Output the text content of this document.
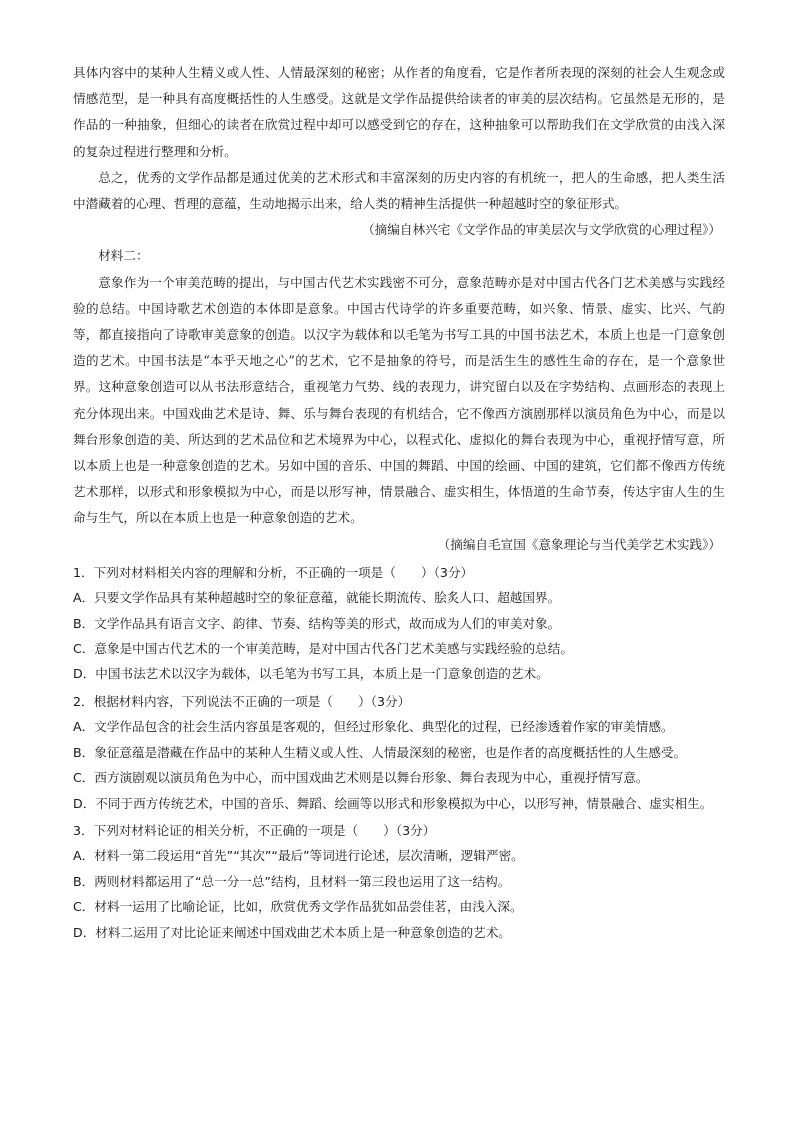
具体内容中的某种人生精义或人性、人情最深刻的秘密；从作者的角度看，它是作者所表现的深刻的社会人生观念或情感范型，是一种具有高度概括性的人生感受。这就是文学作品提供给读者的审美的层次结构。它虽然是无形的，是作品的一种抽象，但细心的读者在欣赏过程中却可以感受到它的存在，这种抽象可以帮助我们在文学欣赏的由浅入深的复杂过程进行整理和分析。

总之，优秀的文学作品都是通过优美的艺术形式和丰富深刻的历史内容的有机统一，把人的生命感，把人类生活中潜藏着的心理、哲理的意蕴，生动地揭示出来，给人类的精神生活提供一种超越时空的象征形式。

（摘编自林兴宅《文学作品的审美层次与文学欣赏的心理过程》）

材料二：

意象作为一个审美范畴的提出，与中国古代艺术实践密不可分，意象范畴亦是对中国古代各门艺术美感与实践经验的总结。中国诗歌艺术创造的本体即是意象。中国古代诗学的许多重要范畴，如兴象、情景、虚实、比兴、气韵等，都直接指向了诗歌审美意象的创造。以汉字为载体和以毛笔为书写工具的中国书法艺术，本质上也是一门意象创造的艺术。中国书法是“本乎天地之心”的艺术，它不是抽象的符号，而是活生生的感性生命的存在，是一个意象世界。这种意象创造可以从书法形意结合，重视笔力气势、线的表现力，讲究留白以及在字势结构、点画形态的表现上充分体现出来。中国戏曲艺术是诗、舞、乐与舞台表现的有机结合，它不像西方演剧那样以演员角色为中心，而是以舞台形象创造的美、所达到的艺术品位和艺术境界为中心，以程式化、虚拟化的舞台表现为中心，重视抒情写意，所以本质上也是一种意象创造的艺术。另如中国的音乐、中国的舞蹈、中国的绘画、中国的建筑，它们都不像西方传统艺术那样，以形式和形象模拟为中心，而是以形写神，情景融合、虚实相生，体悟道的生命节奏，传达宇宙人生的生命与生气，所以在本质上也是一种意象创造的艺术。

（摘编自毛宣国《意象理论与当代美学艺术实践》）

1．下列对材料相关内容的理解和分析，不正确的一项是（　　）（3分）

A．只要文学作品具有某种超越时空的象征意蕴，就能长期流传、脍炙人口、超越国界。

B．文学作品具有语言文字、韵律、节奏、结构等美的形式，故而成为人们的审美对象。

C．意象是中国古代艺术的一个审美范畴，是对中国古代各门艺术美感与实践经验的总结。

D．中国书法艺术以汉字为载体，以毛笔为书写工具，本质上是一门意象创造的艺术。

2．根据材料内容，下列说法不正确的一项是（　　）（3分）

A．文学作品包含的社会生活内容虽是客观的，但经过形象化、典型化的过程，已经渗透着作家的审美情感。

B．象征意蕴是潜藏在作品中的某种人生精义或人性、人情最深刻的秘密，也是作者的高度概括性的人生感受。

C．西方演剧观以演员角色为中心，而中国戏曲艺术则是以舞台形象、舞台表现为中心，重视抒情写意。

D．不同于西方传统艺术，中国的音乐、舞蹈、绘画等以形式和形象模拟为中心，以形写神，情景融合、虚实相生。

3．下列对材料论证的相关分析，不正确的一项是（　　）（3分）

A．材料一第二段运用“首先”“其次”“最后”等词进行论述，层次清晰，逻辑严密。

B．两则材料都运用了“总一分一总”结构，且材料一第三段也运用了这一结构。

C．材料一运用了比喻论证，比如，欣赏优秀文学作品犹如品尝佳茗，由浅入深。

D．材料二运用了对比论证来阐述中国戏曲艺术本质上是一种意象创造的艺术。
